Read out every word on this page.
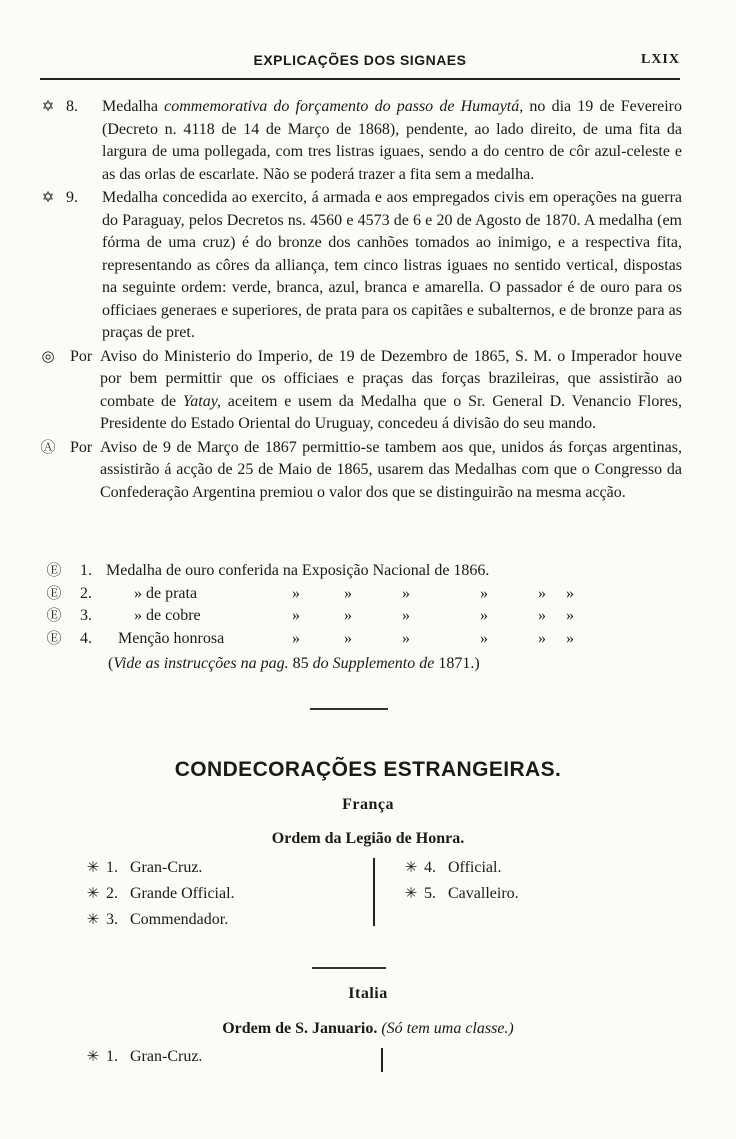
EXPLICAÇÕES DOS SIGNAES	LXIX
✡ 8. Medalha commemorativa do forçamento do passo de Humaytá, no dia 19 de Fevereiro (Decreto n. 4118 de 14 de Março de 1868), pendente, ao lado direito, de uma fita da largura de uma pollegada, com tres listras iguaes, sendo a do centro de côr azul-celeste e as das orlas de escarlate. Não se poderá trazer a fita sem a medalha.
✡ 9. Medalha concedida ao exercito, á armada e aos empregados civis em operações na guerra do Paraguay, pelos Decretos ns. 4560 e 4573 de 6 e 20 de Agosto de 1870. A medalha (em fórma de uma cruz) é do bronze dos canhões tomados ao inimigo, e a respectiva fita, representando as côres da alliança, tem cinco listras iguaes no sentido vertical, dispostas na seguinte ordem: verde, branca, azul, branca e amarella. O passador é de ouro para os officiaes generaes e superiores, de prata para os capitães e subalternos, e de bronze para as praças de pret.
◎ Por Aviso do Ministerio do Imperio, de 19 de Dezembro de 1865, S. M. o Imperador houve por bem permittir que os officiaes e praças das forças brazileiras, que assistirão ao combate de Yatay, aceitem e usem da Medalha que o Sr. General D. Venancio Flores, Presidente do Estado Oriental do Uruguay, concedeu á divisão do seu mando.
Ⓐ Por Aviso de 9 de Março de 1867 permittio-se tambem aos que, unidos ás forças argentinas, assistirão á acção de 25 de Maio de 1865, usarem das Medalhas com que o Congresso da Confederação Argentina premiou o valor dos que se distinguirão na mesma acção.
Ⓔ 1. Medalha de ouro conferida na Exposição Nacional de 1866.
Ⓔ 2.	» de prata	»	»	»	»	» »
Ⓔ 3.	» de cobre	»	»	»	»	» »
Ⓔ 4. Menção honrosa	»	»	»	»	» »
(Vide as instrucções na pag. 85 do Supplemento de 1871.)
CONDECORAÇÕES ESTRANGEIRAS.
França
Ordem da Legião de Honra.
✳ 1. Gran-Cruz.
✳ 2. Grande Official.
✳ 3. Commendador.
✳ 4. Official.
✳ 5. Cavalleiro.
Italia
Ordem de S. Januario. (Só tem uma classe.)
✳ 1. Gran-Cruz.
